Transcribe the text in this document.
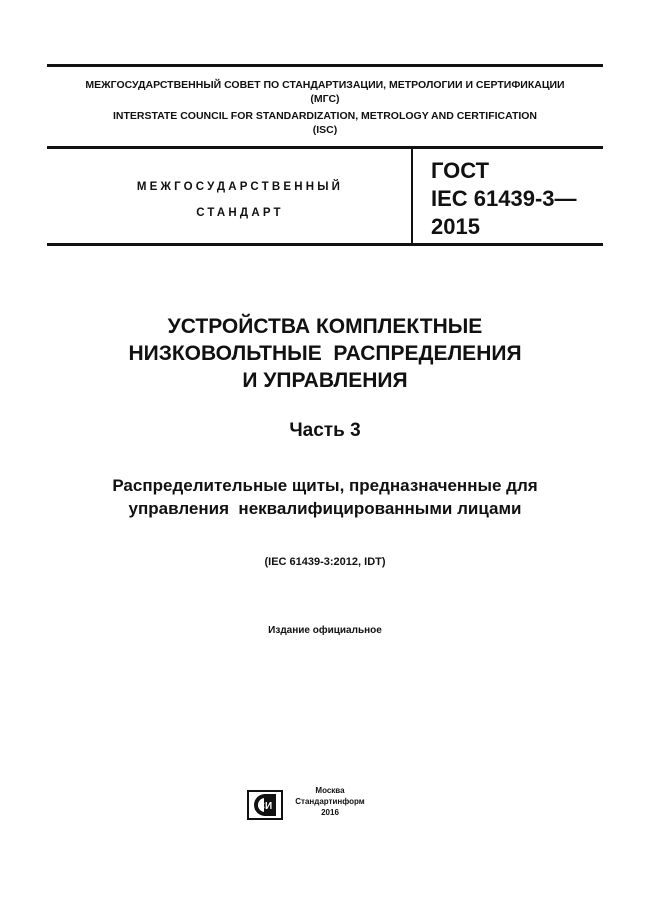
МЕЖГОСУДАРСТВЕННЫЙ СОВЕТ ПО СТАНДАРТИЗАЦИИ, МЕТРОЛОГИИ И СЕРТИФИКАЦИИ
(МГС)
INTERSTATE COUNCIL FOR STANDARDIZATION, METROLOGY AND CERTIFICATION
(ISC)
МЕЖГОСУДАРСТВЕННЫЙ
СТАНДАРТ
ГОСТ
IEC 61439-3—
2015
УСТРОЙСТВА КОМПЛЕКТНЫЕ
НИЗКОВОЛЬТНЫЕ  РАСПРЕДЕЛЕНИЯ
И УПРАВЛЕНИЯ
Часть 3
Распределительные щиты, предназначенные для
управления  неквалифицированными лицами
(IEC 61439-3:2012, IDT)
Издание официальное
СИ
Москва
Стандартинформ
2016
